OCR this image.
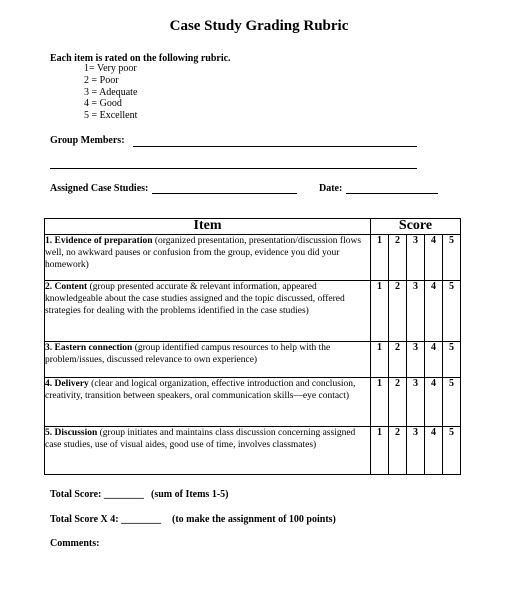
Case Study Grading Rubric
Each item is rated on the following rubric.
1= Very poor
2 = Poor
3 = Adequate
4 = Good
5 = Excellent
Group Members:
Assigned Case Studies:	Date:
Item	Score				
1. Evidence of preparation (organized presentation, presentation/discussion flows well, no awkward pauses or confusion from the group, evidence you did your homework)	1	2	3	4	5
2. Content (group presented accurate & relevant information, appeared knowledgeable about the case studies assigned and the topic discussed, offered strategies for dealing with the problems identified in the case studies)	1	2	3	4	5
3. Eastern connection (group identified campus resources to help with the problem/issues, discussed relevance to own experience)	1	2	3	4	5
4. Delivery (clear and logical organization, effective introduction and conclusion, creativity, transition between speakers, oral communication skills—eye contact)	1	2	3	4	5
5. Discussion (group initiates and maintains class discussion concerning assigned case studies, use of visual aides, good use of time, involves classmates)	1	2	3	4	5
Total Score: ________ (sum of Items 1-5)
Total Score X 4: ________ (to make the assignment of 100 points)
Comments:
